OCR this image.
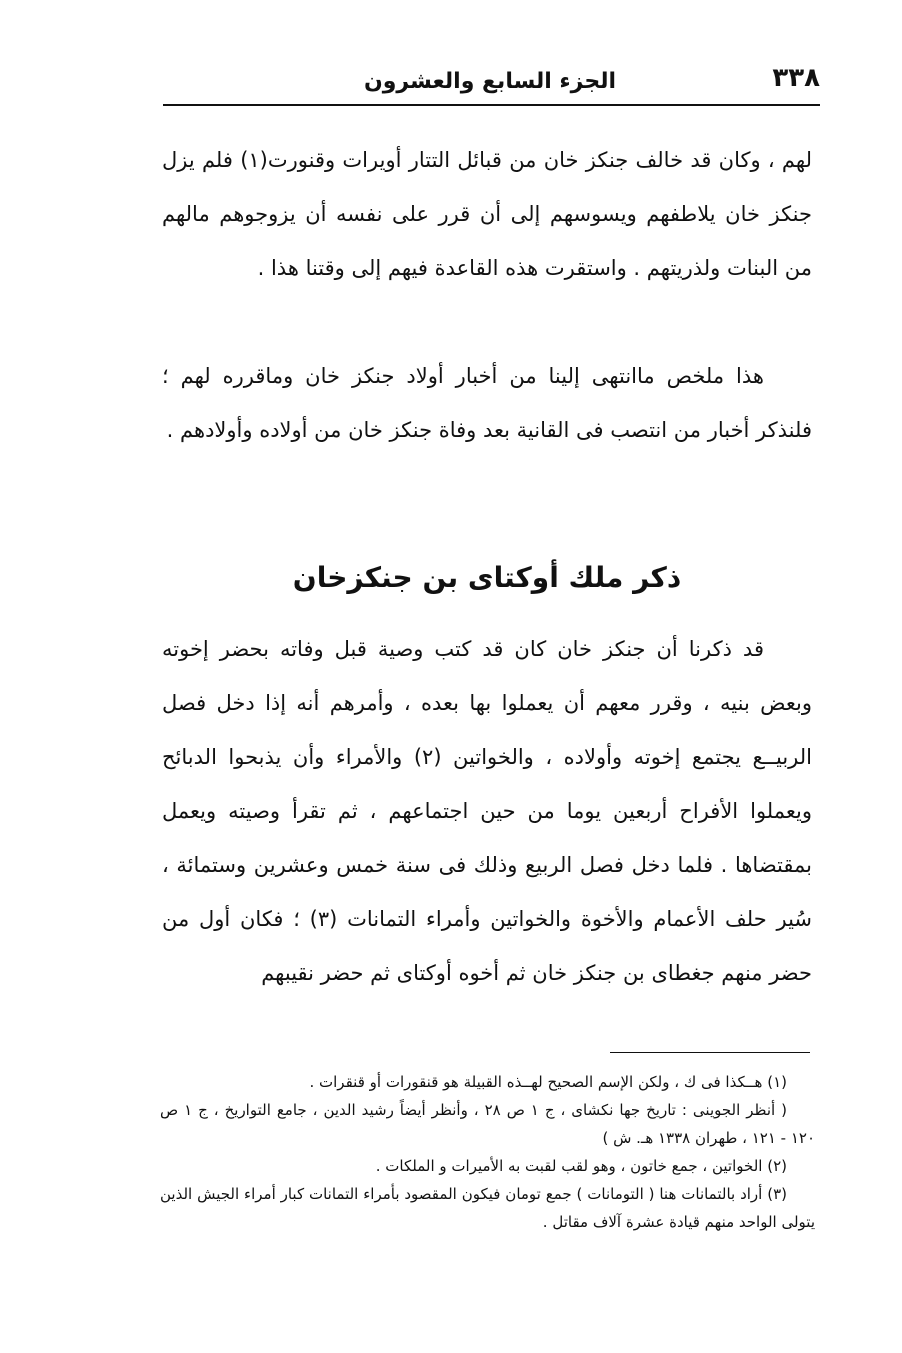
٣٣٨
الجزء السابع والعشرون

لهم ، وكان قد خالف جنكز خان من قبائل التتار أويرات وقنورت(١) فلم يزل جنكز خان يلاطفهم ويسوسهم إلى أن قرر على نفسه أن يزوجوهم مالهم من البنات ولذريتهم . واستقرت هذه القاعدة فيهم إلى وقتنا هذا .

هذا ملخص ماانتهى إلينا من أخبار أولاد جنكز خان وماقرره لهم ؛ فلنذكر أخبار من انتصب فى القانية بعد وفاة جنكز خان من أولاده وأولادهم .

ذكر ملك أوكتاى بن جنكزخان

قد ذكرنا أن جنكز خان كان قد كتب وصية قبل وفاته بحضر إخوته وبعض بنيه ، وقرر معهم أن يعملوا بها بعده ، وأمرهم أنه إذا دخل فصل الربيــع يجتمع إخوته وأولاده ، والخواتين (٢) والأمراء وأن يذبحوا الدبائح ويعملوا الأفراح أربعين يوما من حين اجتماعهم ، ثم تقرأ وصيته ويعمل بمقتضاها . فلما دخل فصل الربيع وذلك فى سنة خمس وعشرين وستمائة ، سُير حلف الأعمام والأخوة والخواتين وأمراء التمانات (٣) ؛ فكان أول من حضر منهم جغطاى بن جنكز خان ثم أخوه أوكتاى ثم حضر نقيبهم

(١) هــكذا فى ك ، ولكن الإسم الصحيح لهــذه القبيلة هو قنقورات أو قنقرات .

( أنظر الجوينى : تاريخ جها نكشاى ، ج ١ ص ٢٨ ، وأنظر أيضاً رشيد الدين ، جامع التواريخ ، ج ١ ص ١٢٠ - ١٢١ ، طهران ١٣٣٨ هـ. ش )

(٢) الخواتين ، جمع خاتون ، وهو لقب لقبت به الأميرات و الملكات .

(٣) أراد بالتمانات هنا ( التومانات ) جمع تومان فيكون المقصود بأمراء التمانات كبار أمراء الجيش الذين يتولى الواحد منهم قيادة عشرة آلاف مقاتل .
